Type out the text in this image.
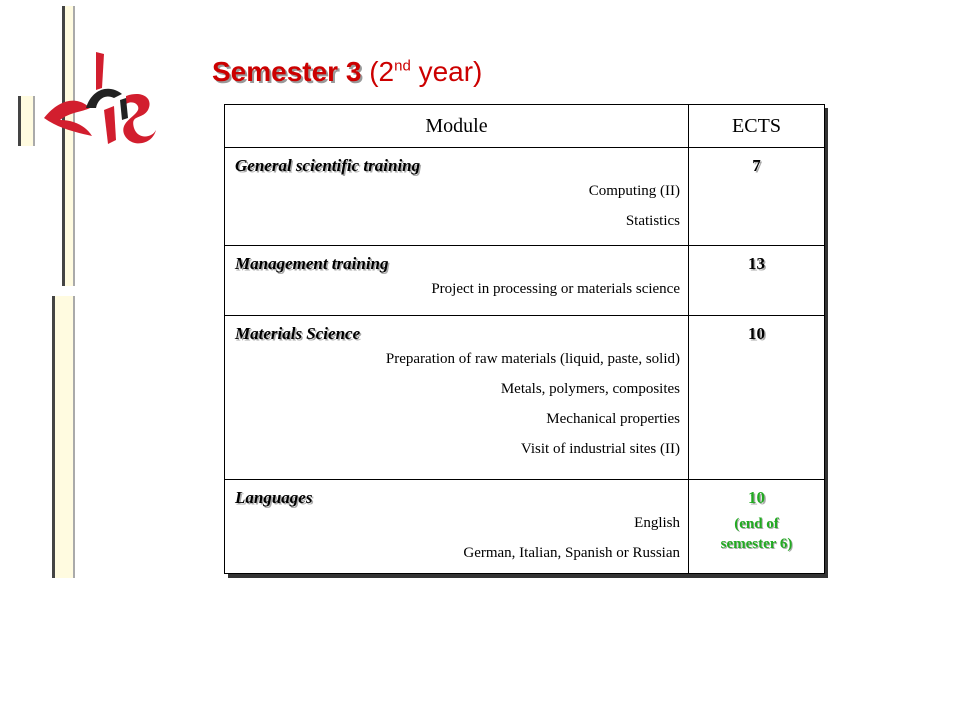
Semester 3 (2nd year)
Module	ECTS

General scientific training
Computing (II)
Statistics	7

Management training
Project in processing or materials science	13

Materials Science
Preparation of raw materials (liquid, paste, solid)
Metals, polymers, composites
Mechanical properties
Visit of industrial sites (II)	10

Languages
English
German, Italian, Spanish or Russian	10
(end of
semester 6)
